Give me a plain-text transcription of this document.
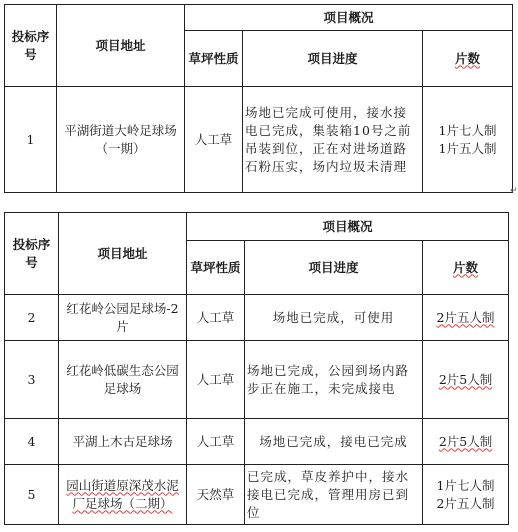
投标序号	项目地址	项目概况		
		草坪性质	项目进度	片数
1	平湖街道大岭足球场（一期）	人工草	场地已完成可使用，接水接电已完成，集装箱10号之前吊装到位，正在对进场道路石粉压实，场内垃圾未清理	1片七人制
1片五人制
↵
投标序号	项目地址	项目概况		
		草坪性质	项目进度	片数
2	红花岭公园足球场-2片	人工草	场地已完成，可使用	2片五人制
3	红花岭低碳生态公园足球场	人工草	场地已完成，公园到场内路步正在施工，未完成接电	2片5人制
4	平湖上木古足球场	人工草	场地已完成，接电已完成	2片5人制
5	园山街道原深茂水泥厂足球场（二期）	天然草	已完成，草皮养护中，接水接电已完成，管理用房已到位	1片七人制
2片五人制
